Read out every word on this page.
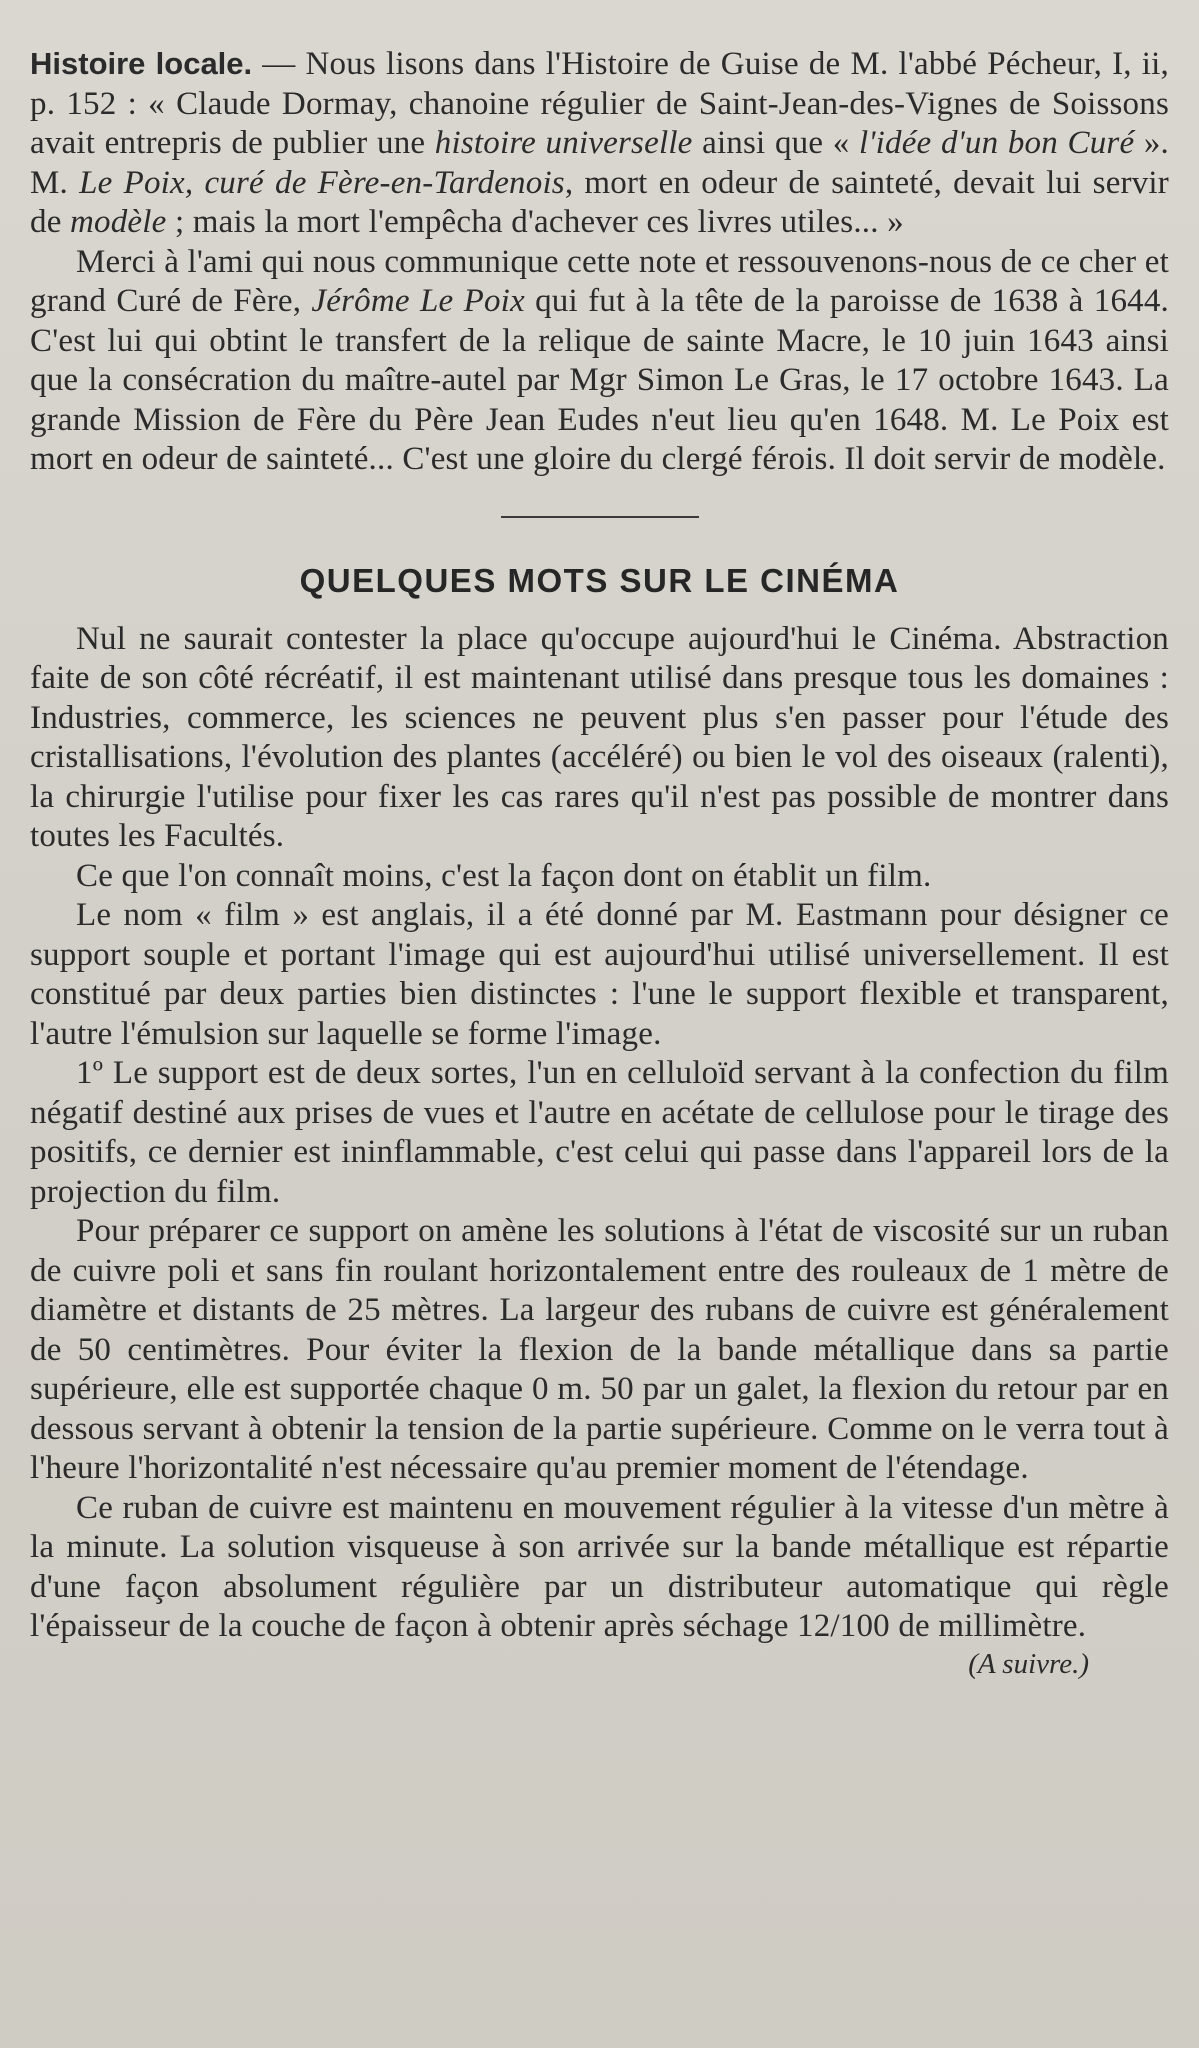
Histoire locale. — Nous lisons dans l'Histoire de Guise de M. l'abbé Pécheur, I, ii, p. 152 : « Claude Dormay, chanoine régulier de Saint-Jean-des-Vignes de Soissons avait entrepris de publier une histoire universelle ainsi que « l'idée d'un bon Curé ». M. Le Poix, curé de Fère-en-Tardenois, mort en odeur de sainteté, devait lui servir de modèle ; mais la mort l'empêcha d'achever ces livres utiles... »

Merci à l'ami qui nous communique cette note et ressouvenons-nous de ce cher et grand Curé de Fère, Jérôme Le Poix qui fut à la tête de la paroisse de 1638 à 1644. C'est lui qui obtint le transfert de la relique de sainte Macre, le 10 juin 1643 ainsi que la consécration du maître-autel par Mgr Simon Le Gras, le 17 octobre 1643. La grande Mission de Fère du Père Jean Eudes n'eut lieu qu'en 1648. M. Le Poix est mort en odeur de sainteté... C'est une gloire du clergé férois. Il doit servir de modèle.

QUELQUES MOTS SUR LE CINÉMA

Nul ne saurait contester la place qu'occupe aujourd'hui le Cinéma. Abstraction faite de son côté récréatif, il est maintenant utilisé dans presque tous les domaines : Industries, commerce, les sciences ne peuvent plus s'en passer pour l'étude des cristallisations, l'évolution des plantes (accéléré) ou bien le vol des oiseaux (ralenti), la chirurgie l'utilise pour fixer les cas rares qu'il n'est pas possible de montrer dans toutes les Facultés.

Ce que l'on connaît moins, c'est la façon dont on établit un film.

Le nom « film » est anglais, il a été donné par M. Eastmann pour désigner ce support souple et portant l'image qui est aujourd'hui utilisé universellement. Il est constitué par deux parties bien distinctes : l'une le support flexible et transparent, l'autre l'émulsion sur laquelle se forme l'image.

1º Le support est de deux sortes, l'un en celluloïd servant à la confection du film négatif destiné aux prises de vues et l'autre en acétate de cellulose pour le tirage des positifs, ce dernier est ininflammable, c'est celui qui passe dans l'appareil lors de la projection du film.

Pour préparer ce support on amène les solutions à l'état de viscosité sur un ruban de cuivre poli et sans fin roulant horizontalement entre des rouleaux de 1 mètre de diamètre et distants de 25 mètres. La largeur des rubans de cuivre est généralement de 50 centimètres. Pour éviter la flexion de la bande métallique dans sa partie supérieure, elle est supportée chaque 0 m. 50 par un galet, la flexion du retour par en dessous servant à obtenir la tension de la partie supérieure. Comme on le verra tout à l'heure l'horizontalité n'est nécessaire qu'au premier moment de l'étendage.

Ce ruban de cuivre est maintenu en mouvement régulier à la vitesse d'un mètre à la minute. La solution visqueuse à son arrivée sur la bande métallique est répartie d'une façon absolument régulière par un distributeur automatique qui règle l'épaisseur de la couche de façon à obtenir après séchage 12/100 de millimètre.

(A suivre.)
